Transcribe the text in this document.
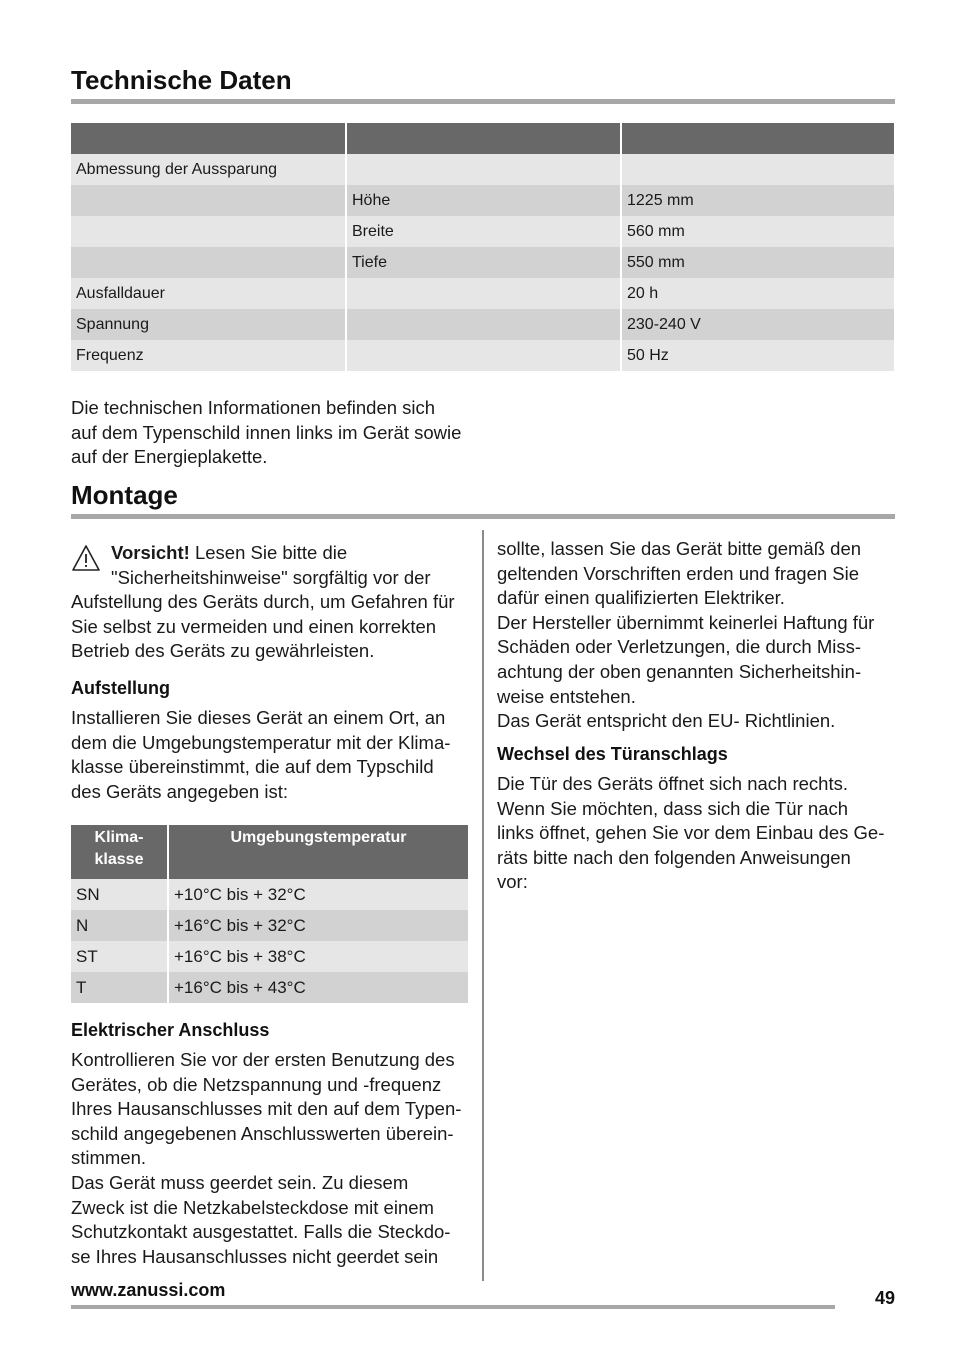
Technische Daten

Abmessung der Aussparung		
	Höhe	1225 mm
	Breite	560 mm
	Tiefe	550 mm
Ausfalldauer		20 h
Spannung		230-240 V
Frequenz		50 Hz
Die technischen Informationen befinden sich
auf dem Typenschild innen links im Gerät sowie
auf der Energieplakette.
Montage
Vorsicht! Lesen Sie bitte die
"Sicherheitshinweise" sorgfältig vor der
Aufstellung des Geräts durch, um Gefahren für
Sie selbst zu vermeiden und einen korrekten
Betrieb des Geräts zu gewährleisten.
Aufstellung
Installieren Sie dieses Gerät an einem Ort, an
dem die Umgebungstemperatur mit der Klima-
klasse übereinstimmt, die auf dem Typschild
des Geräts angegeben ist:
Klima-
klasse	Umgebungstemperatur
SN	+10°C bis + 32°C
N	+16°C bis + 32°C
ST	+16°C bis + 38°C
T	+16°C bis + 43°C
Elektrischer Anschluss
Kontrollieren Sie vor der ersten Benutzung des
Gerätes, ob die Netzspannung und -frequenz
Ihres Hausanschlusses mit den auf dem Typen-
schild angegebenen Anschlusswerten überein-
stimmen.
Das Gerät muss geerdet sein. Zu diesem
Zweck ist die Netzkabelsteckdose mit einem
Schutzkontakt ausgestattet. Falls die Steckdo-
se Ihres Hausanschlusses nicht geerdet sein
sollte, lassen Sie das Gerät bitte gemäß den
geltenden Vorschriften erden und fragen Sie
dafür einen qualifizierten Elektriker.
Der Hersteller übernimmt keinerlei Haftung für
Schäden oder Verletzungen, die durch Miss-
achtung der oben genannten Sicherheitshin-
weise entstehen.
Das Gerät entspricht den EU- Richtlinien.
Wechsel des Türanschlags
Die Tür des Geräts öffnet sich nach rechts.
Wenn Sie möchten, dass sich die Tür nach
links öffnet, gehen Sie vor dem Einbau des Ge-
räts bitte nach den folgenden Anweisungen
vor:
www.zanussi.com	49
